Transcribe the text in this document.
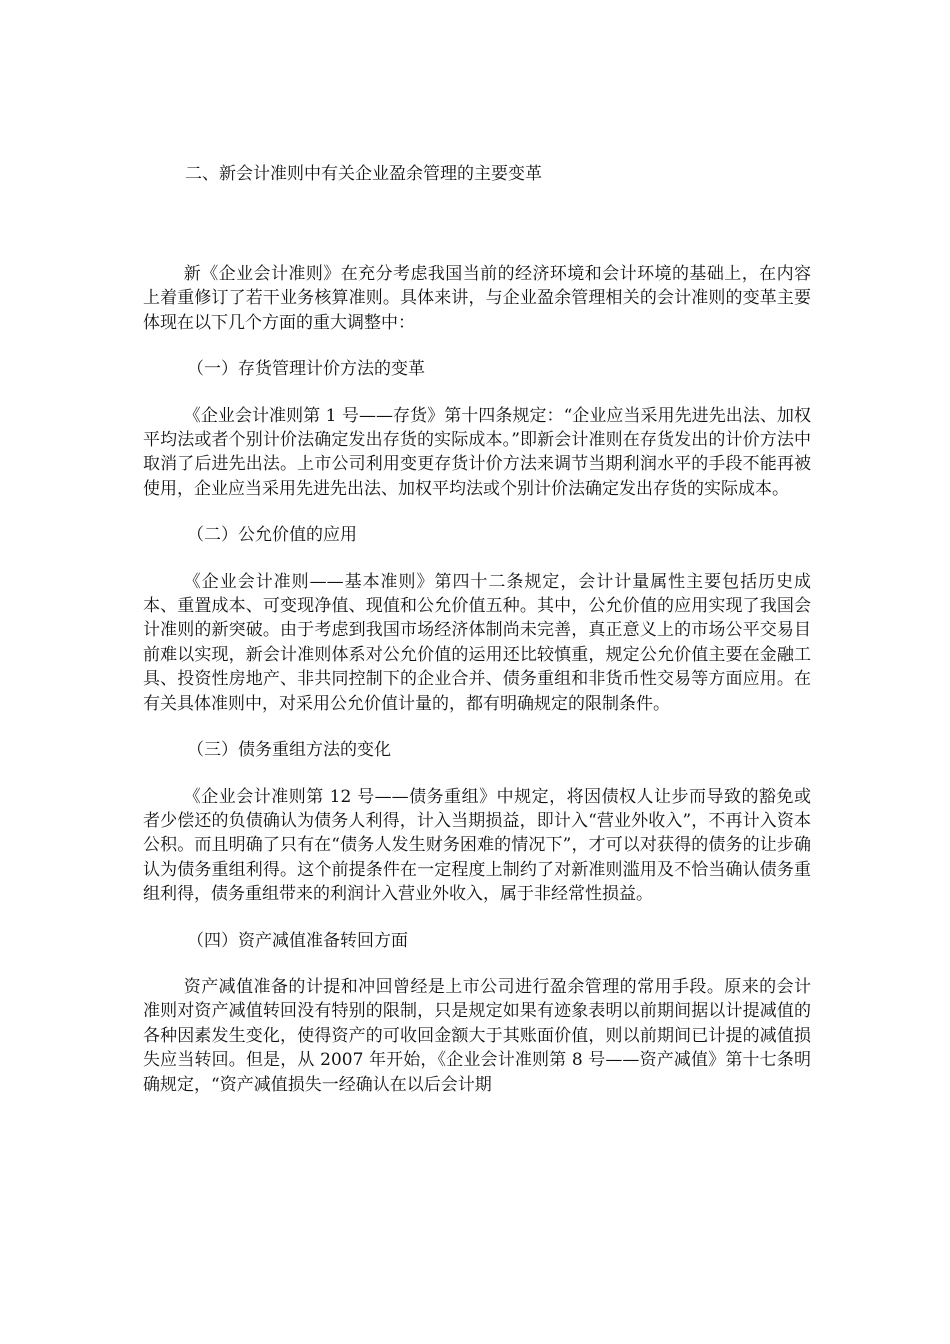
二、新会计准则中有关企业盈余管理的主要变革

新《企业会计准则》在充分考虑我国当前的经济环境和会计环境的基础上，在内容上着重修订了若干业务核算准则。具体来讲，与企业盈余管理相关的会计准则的变革主要体现在以下几个方面的重大调整中：

（一）存货管理计价方法的变革

《企业会计准则第 1 号——存货》第十四条规定：“企业应当采用先进先出法、加权平均法或者个别计价法确定发出存货的实际成本。”即新会计准则在存货发出的计价方法中取消了后进先出法。上市公司利用变更存货计价方法来调节当期利润水平的手段不能再被使用，企业应当采用先进先出法、加权平均法或个别计价法确定发出存货的实际成本。

（二）公允价值的应用

《企业会计准则——基本准则》第四十二条规定，会计计量属性主要包括历史成本、重置成本、可变现净值、现值和公允价值五种。其中，公允价值的应用实现了我国会计准则的新突破。由于考虑到我国市场经济体制尚未完善，真正意义上的市场公平交易目前难以实现，新会计准则体系对公允价值的运用还比较慎重，规定公允价值主要在金融工具、投资性房地产、非共同控制下的企业合并、债务重组和非货币性交易等方面应用。在有关具体准则中，对采用公允价值计量的，都有明确规定的限制条件。

（三）债务重组方法的变化

《企业会计准则第 12 号——债务重组》中规定，将因债权人让步而导致的豁免或者少偿还的负债确认为债务人利得，计入当期损益，即计入“营业外收入”，不再计入资本公积。而且明确了只有在“债务人发生财务困难的情况下”，才可以对获得的债务的让步确认为债务重组利得。这个前提条件在一定程度上制约了对新准则滥用及不恰当确认债务重组利得，债务重组带来的利润计入营业外收入，属于非经常性损益。

（四）资产减值准备转回方面

资产减值准备的计提和冲回曾经是上市公司进行盈余管理的常用手段。原来的会计准则对资产减值转回没有特别的限制，只是规定如果有迹象表明以前期间据以计提减值的各种因素发生变化，使得资产的可收回金额大于其账面价值，则以前期间已计提的减值损失应当转回。但是，从 2007 年开始，《企业会计准则第 8 号——资产减值》第十七条明确规定，“资产减值损失一经确认在以后会计期
